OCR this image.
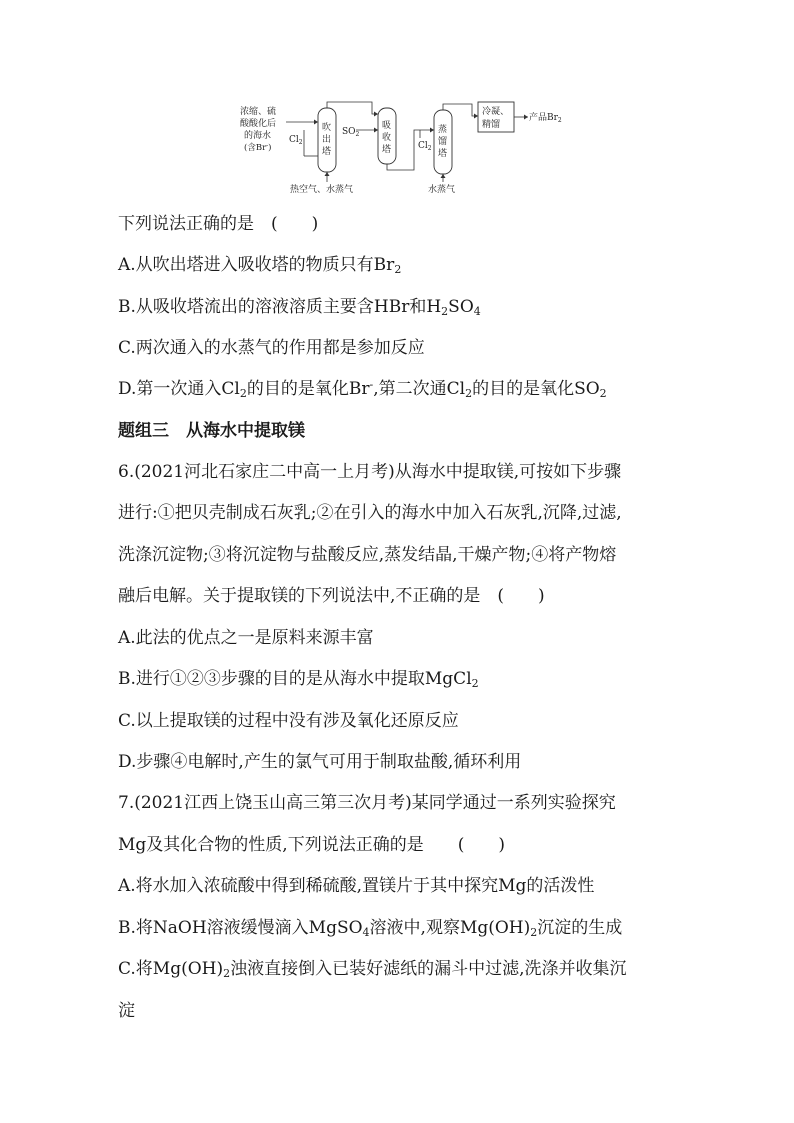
浓缩、硫
酸酸化后
的海水
(含Br-)
$Cl_2$
吹
出
塔
热空气、水蒸气
$SO_2$
吸
收
塔	$Cl_2$
蒸
馏
塔
水蒸气
冷凝、
精馏
产品$Br_2$
下列说法正确的是　 (　　)
A.从吹出塔进入吸收塔的物质只有$Br_2$
B.从吸收塔流出的溶液溶质主要含HBr和$H_2SO_4$
C.两次通入的水蒸气的作用都是参加反应
D.第一次通入$Cl_2$的目的是氧化Br-,第二次通$Cl_2$的目的是氧化$SO_2$
题组三　从海水中提取镁
6.(2021河北石家庄二中高一上月考)从海水中提取镁,可按如下步骤
进行:①把贝壳制成石灰乳;②在引入的海水中加入石灰乳,沉降,过滤,
洗涤沉淀物;③将沉淀物与盐酸反应,蒸发结晶,干燥产物;④将产物熔
融后电解。关于提取镁的下列说法中,不正确的是　 (　　)
A.此法的优点之一是原料来源丰富
B.进行①②③步骤的目的是从海水中提取MgCl$_2$
C.以上提取镁的过程中没有涉及氧化还原反应
D.步骤④电解时,产生的氯气可用于制取盐酸,循环利用
7.(2021江西上饶玉山高三第三次月考)某同学通过一系列实验探究
Mg及其化合物的性质,下列说法正确的是　　 (　　)
A.将水加入浓硫酸中得到稀硫酸,置镁片于其中探究Mg的活泼性
B.将NaOH溶液缓慢滴入MgSO$_4$溶液中,观察$Mg(OH)_2$沉淀的生成
C.将$Mg(OH)_2$浊液直接倒入已装好滤纸的漏斗中过滤,洗涤并收集沉
淀
